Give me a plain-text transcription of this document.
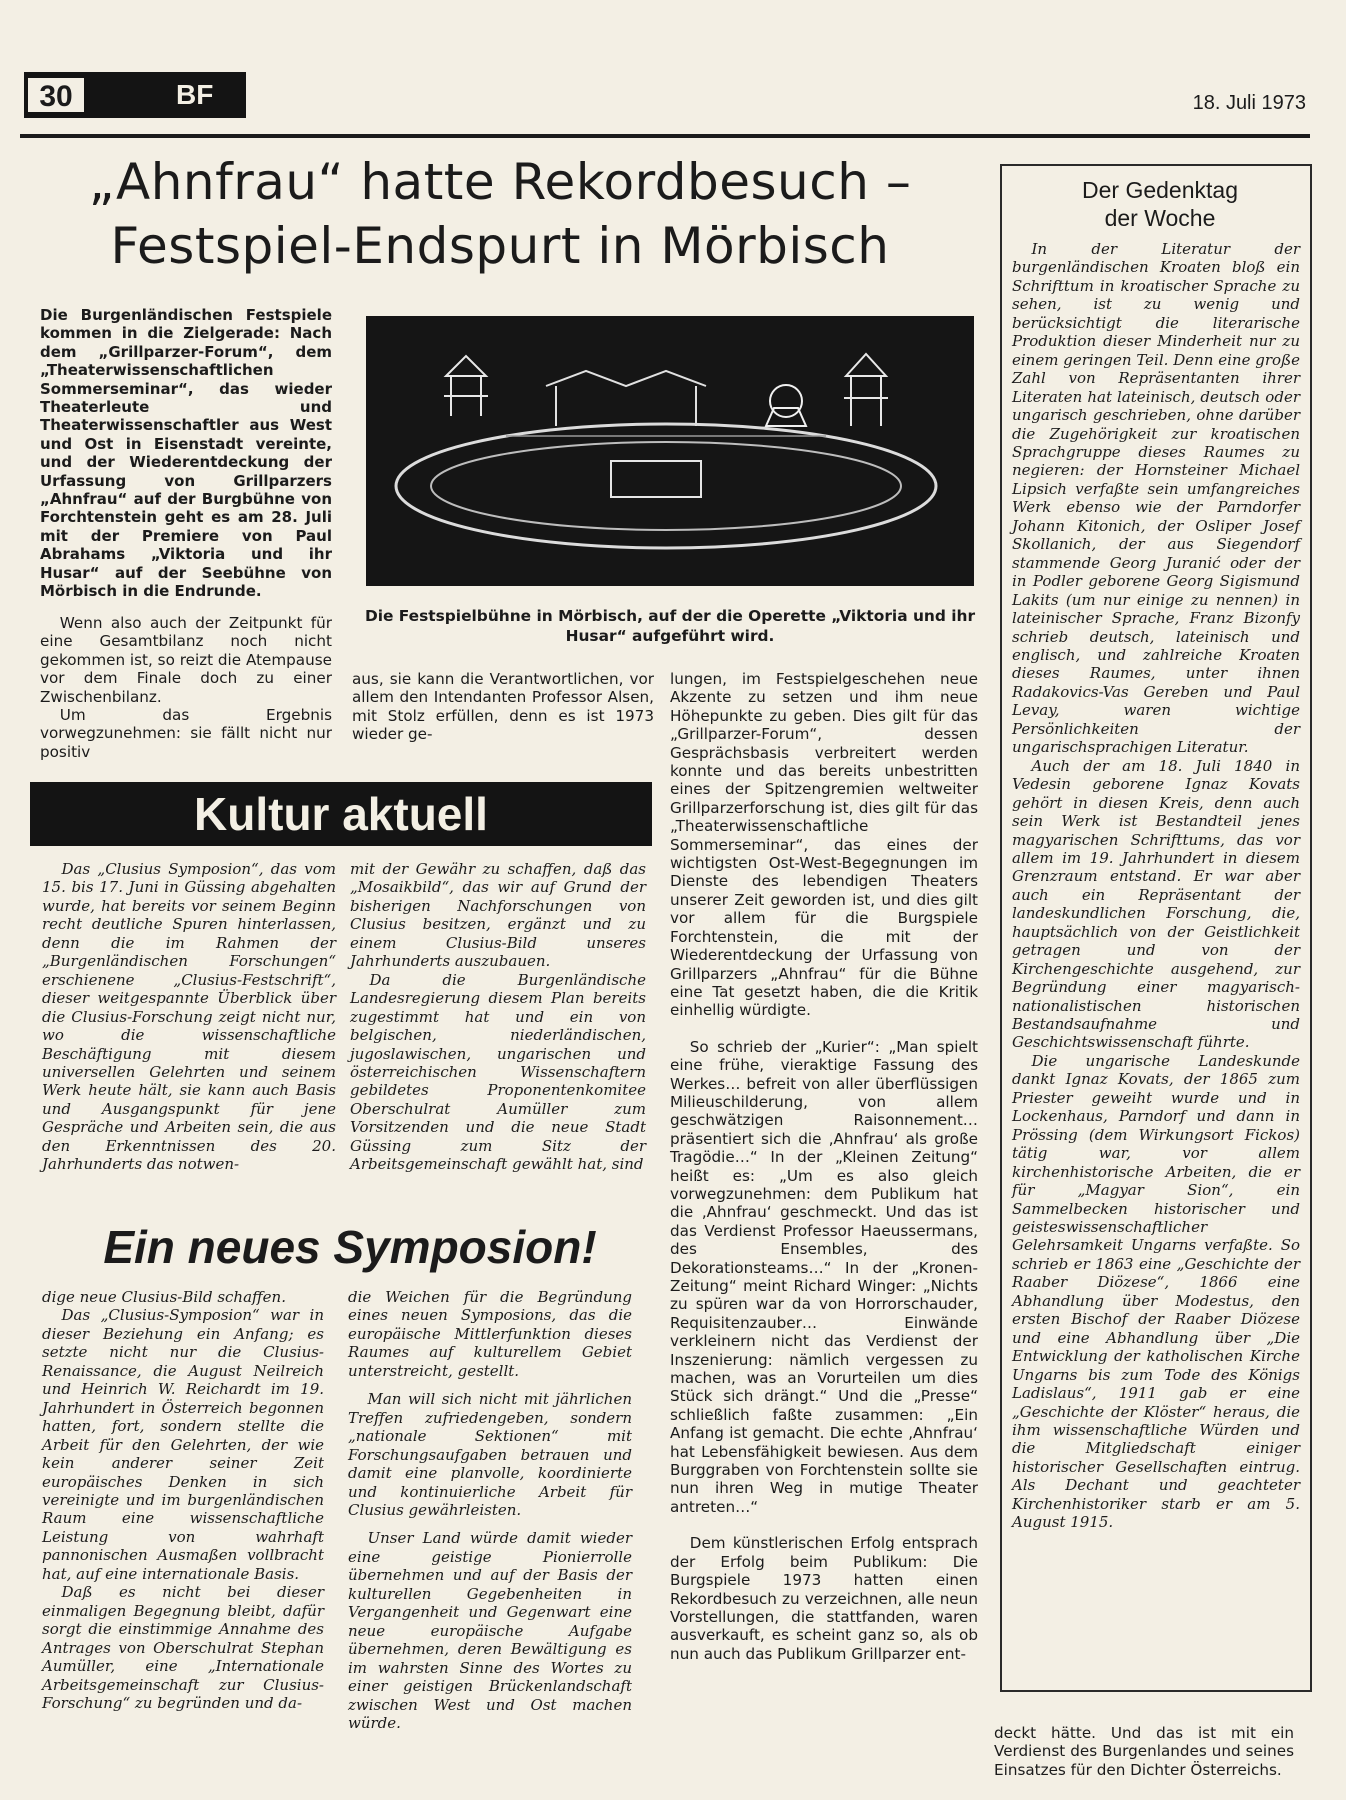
30	BF	18. Juli 1973
„Ahnfrau“ hatte Rekordbesuch –
Festspiel-Endspurt in Mörbisch
Die Burgenländischen Festspiele kommen in die Zielgerade: Nach dem „Grillparzer-Forum“, dem „Theaterwissenschaftlichen Sommerseminar“, das wieder Theaterleute und Theaterwissenschaftler aus West und Ost in Eisenstadt vereinte, und der Wiederentdeckung der Urfassung von Grillparzers „Ahnfrau“ auf der Burgbühne von Forchtenstein geht es am 28. Juli mit der Premiere von Paul Abrahams „Viktoria und ihr Husar“ auf der Seebühne von Mörbisch in die Endrunde.
Die Festspielbühne in Mörbisch, auf der die Operette „Viktoria und ihr Husar“ aufgeführt wird.

Wenn also auch der Zeitpunkt für eine Gesamtbilanz noch nicht gekommen ist, so reizt die Atempause vor dem Finale doch zu einer Zwischenbilanz.

Um das Ergebnis vorwegzunehmen: sie fällt nicht nur positiv

aus, sie kann die Verantwortlichen, vor allem den Intendanten Professor Alsen, mit Stolz erfüllen, denn es ist 1973 wieder ge-

lungen, im Festspielgeschehen neue Akzente zu setzen und ihm neue Höhepunkte zu geben. Dies gilt für das „Grillparzer-Forum“, dessen Gesprächsbasis verbreitert werden konnte und das bereits unbestritten eines der Spitzengremien weltweiter Grillparzerforschung ist, dies gilt für das „Theaterwissenschaftliche Sommerseminar“, das eines der wichtigsten Ost-West-Begegnungen im Dienste des lebendigen Theaters unserer Zeit geworden ist, und dies gilt vor allem für die Burgspiele Forchtenstein, die mit der Wiederentdeckung der Urfassung von Grillparzers „Ahnfrau“ für die Bühne eine Tat gesetzt haben, die die Kritik einhellig würdigte.

So schrieb der „Kurier“: „Man spielt eine frühe, vieraktige Fassung des Werkes… befreit von aller überflüssigen Milieuschilderung, von allem geschwätzigen Raisonnement… präsentiert sich die ‚Ahnfrau‘ als große Tragödie…“ In der „Kleinen Zeitung“ heißt es: „Um es also gleich vorwegzunehmen: dem Publikum hat die ‚Ahnfrau‘ geschmeckt. Und das ist das Verdienst Professor Haeussermans, des Ensembles, des Dekorationsteams…“ In der „Kronen-Zeitung“ meint Richard Winger: „Nichts zu spüren war da von Horrorschauder, Requisitenzauber… Einwände verkleinern nicht das Verdienst der Inszenierung: nämlich vergessen zu machen, was an Vorurteilen um dies Stück sich drängt.“ Und die „Presse“ schließlich faßte zusammen: „Ein Anfang ist gemacht. Die echte ‚Ahnfrau‘ hat Lebensfähigkeit bewiesen. Aus dem Burggraben von Forchtenstein sollte sie nun ihren Weg in mutige Theater antreten…“

Dem künstlerischen Erfolg entsprach der Erfolg beim Publikum: Die Burgspiele 1973 hatten einen Rekordbesuch zu verzeichnen, alle neun Vorstellungen, die stattfanden, waren ausverkauft, es scheint ganz so, als ob nun auch das Publikum Grillparzer ent-

Kultur aktuell

Das „Clusius Symposion“, das vom 15. bis 17. Juni in Güssing abgehalten wurde, hat bereits vor seinem Beginn recht deutliche Spuren hinterlassen, denn die im Rahmen der „Burgenländischen Forschungen“ erschienene „Clusius-Festschrift“, dieser weitgespannte Überblick über die Clusius-Forschung zeigt nicht nur, wo die wissenschaftliche Beschäftigung mit diesem universellen Gelehrten und seinem Werk heute hält, sie kann auch Basis und Ausgangspunkt für jene Gespräche und Arbeiten sein, die aus den Erkenntnissen des 20. Jahrhunderts das notwen-

mit der Gewähr zu schaffen, daß das „Mosaikbild“, das wir auf Grund der bisherigen Nachforschungen von Clusius besitzen, ergänzt und zu einem Clusius-Bild unseres Jahrhunderts auszubauen.

Da die Burgenländische Landesregierung diesem Plan bereits zugestimmt hat und ein von belgischen, niederländischen, jugoslawischen, ungarischen und österreichischen Wissenschaftern gebildetes Proponentenkomitee Oberschulrat Aumüller zum Vorsitzenden und die neue Stadt Güssing zum Sitz der Arbeitsgemeinschaft gewählt hat, sind

Ein neues Symposion!

dige neue Clusius-Bild schaffen.

Das „Clusius-Symposion“ war in dieser Beziehung ein Anfang; es setzte nicht nur die Clusius-Renaissance, die August Neilreich und Heinrich W. Reichardt im 19. Jahrhundert in Österreich begonnen hatten, fort, sondern stellte die Arbeit für den Gelehrten, der wie kein anderer seiner Zeit europäisches Denken in sich vereinigte und im burgenländischen Raum eine wissenschaftliche Leistung von wahrhaft pannonischen Ausmaßen vollbracht hat, auf eine internationale Basis.

Daß es nicht bei dieser einmaligen Begegnung bleibt, dafür sorgt die einstimmige Annahme des Antrages von Oberschulrat Stephan Aumüller, eine „Internationale Arbeitsgemeinschaft zur Clusius-Forschung“ zu begründen und da-

die Weichen für die Begründung eines neuen Symposions, das die europäische Mittlerfunktion dieses Raumes auf kulturellem Gebiet unterstreicht, gestellt.

Man will sich nicht mit jährlichen Treffen zufriedengeben, sondern „nationale Sektionen“ mit Forschungsaufgaben betrauen und damit eine planvolle, koordinierte und kontinuierliche Arbeit für Clusius gewährleisten.

Unser Land würde damit wieder eine geistige Pionierrolle übernehmen und auf der Basis der kulturellen Gegebenheiten in Vergangenheit und Gegenwart eine neue europäische Aufgabe übernehmen, deren Bewältigung es im wahrsten Sinne des Wortes zu einer geistigen Brückenlandschaft zwischen West und Ost machen würde.

Der Gedenktag
der Woche

In der Literatur der burgenländischen Kroaten bloß ein Schrifttum in kroatischer Sprache zu sehen, ist zu wenig und berücksichtigt die literarische Produktion dieser Minderheit nur zu einem geringen Teil. Denn eine große Zahl von Repräsentanten ihrer Literaten hat lateinisch, deutsch oder ungarisch geschrieben, ohne darüber die Zugehörigkeit zur kroatischen Sprachgruppe dieses Raumes zu negieren: der Hornsteiner Michael Lipsich verfaßte sein umfangreiches Werk ebenso wie der Parndorfer Johann Kitonich, der Osliper Josef Skollanich, der aus Siegendorf stammende Georg Juranić oder der in Podler geborene Georg Sigismund Lakits (um nur einige zu nennen) in lateinischer Sprache, Franz Bizonfy schrieb deutsch, lateinisch und englisch, und zahlreiche Kroaten dieses Raumes, unter ihnen Radakovics-Vas Gereben und Paul Levay, waren wichtige Persönlichkeiten der ungarischsprachigen Literatur.

Auch der am 18. Juli 1840 in Vedesin geborene Ignaz Kovats gehört in diesen Kreis, denn auch sein Werk ist Bestandteil jenes magyarischen Schrifttums, das vor allem im 19. Jahrhundert in diesem Grenzraum entstand. Er war aber auch ein Repräsentant der landeskundlichen Forschung, die, hauptsächlich von der Geistlichkeit getragen und von der Kirchengeschichte ausgehend, zur Begründung einer magyarisch-nationalistischen historischen Bestandsaufnahme und Geschichtswissenschaft führte.

Die ungarische Landeskunde dankt Ignaz Kovats, der 1865 zum Priester geweiht wurde und in Lockenhaus, Parndorf und dann in Prössing (dem Wirkungsort Fickos) tätig war, vor allem kirchenhistorische Arbeiten, die er für „Magyar Sion“, ein Sammelbecken historischer und geisteswissenschaftlicher Gelehrsamkeit Ungarns verfaßte. So schrieb er 1863 eine „Geschichte der Raaber Diözese“, 1866 eine Abhandlung über Modestus, den ersten Bischof der Raaber Diözese und eine Abhandlung über „Die Entwicklung der katholischen Kirche Ungarns bis zum Tode des Königs Ladislaus“, 1911 gab er eine „Geschichte der Klöster“ heraus, die ihm wissenschaftliche Würden und die Mitgliedschaft einiger historischer Gesellschaften eintrug. Als Dechant und geachteter Kirchenhistoriker starb er am 5. August 1915.

deckt hätte. Und das ist mit ein Verdienst des Burgenlandes und seines Einsatzes für den Dichter Österreichs.
